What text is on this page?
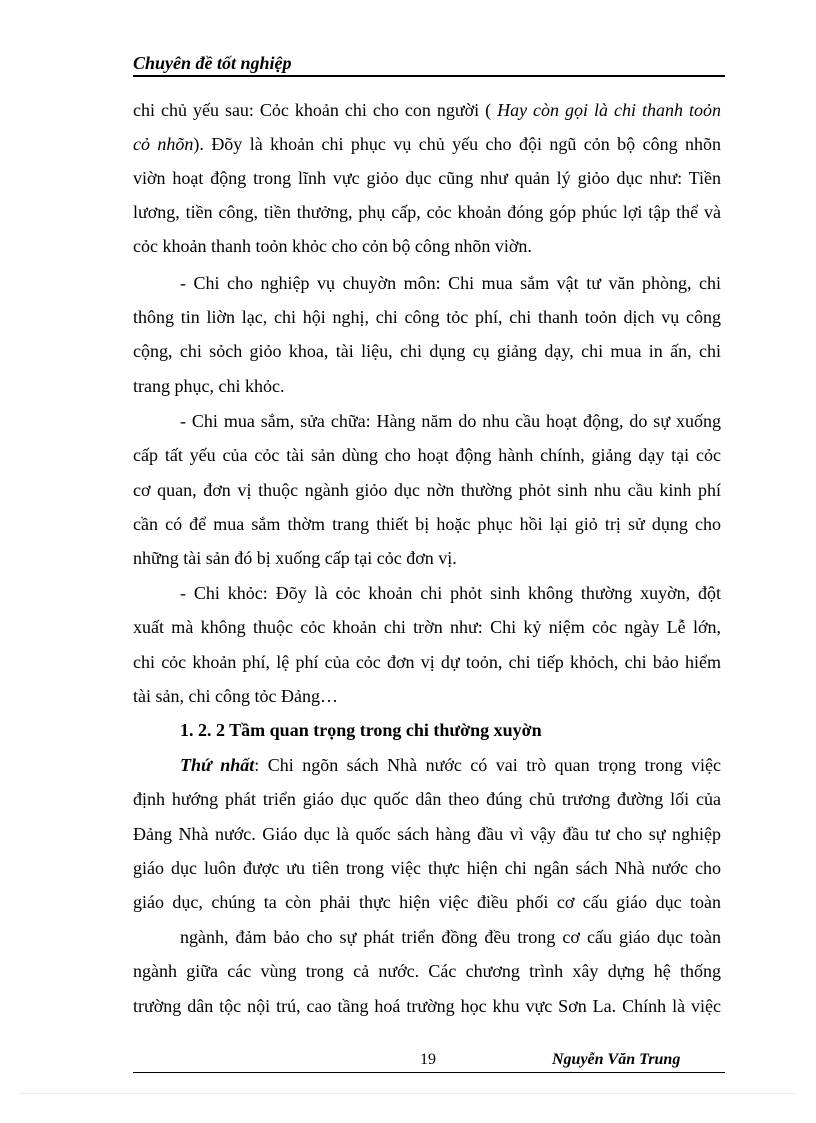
Chuyên đề tốt nghiệp
chi chủ yếu sau: Cỏc khoản chi cho con người ( Hay còn gọi là chi thanh toỏn
cỏ nhõn). Đõy là khoản chi phục vụ chủ yếu cho đội ngũ cỏn bộ công nhõn
viờn hoạt động trong lĩnh vực giỏo dục cũng như quản lý giỏo dục như: Tiền
lương, tiền công, tiền thưởng, phụ cấp, cỏc khoản đóng góp phúc lợi tập thể và
cỏc khoản thanh toỏn khỏc cho cỏn bộ công nhõn viờn.
- Chi cho nghiệp vụ chuyờn môn: Chi mua sắm vật tư văn phòng, chi
thông tin liờn lạc, chi hội nghị, chi công tỏc phí, chi thanh toỏn dịch vụ công
cộng, chi sỏch giỏo khoa, tài liệu, chi dụng cụ giảng dạy, chi mua in ấn, chi
trang phục, chi khỏc.
- Chi mua sắm, sửa chữa: Hàng năm do nhu cầu hoạt động, do sự xuống
cấp tất yếu của cỏc tài sản dùng cho hoạt động hành chính, giảng dạy tại cỏc
cơ quan, đơn vị thuộc ngành giỏo dục nờn thường phỏt sinh nhu cầu kinh phí
cần có để mua sắm thờm trang thiết bị hoặc phục hồi lại giỏ trị sử dụng cho
những tài sản đó bị xuống cấp tại cỏc đơn vị.
- Chi khỏc: Đõy là cỏc khoản chi phỏt sinh không thường xuyờn, đột
xuất mà không thuộc cỏc khoản chi trờn như: Chi kỷ niệm cỏc ngày Lễ lớn,
chi cỏc khoản phí, lệ phí của cỏc đơn vị dự toỏn, chi tiếp khỏch, chi bảo hiểm
tài sản, chi công tỏc Đảng…
1. 2. 2 Tầm quan trọng trong chi thường xuyờn
Thứ nhất: Chi ngõn sách Nhà nước có vai trò quan trọng trong việc
định hướng phát triển giáo dục quốc dân theo đúng chủ trương đường lối của
Đảng Nhà nước. Giáo dục là quốc sách hàng đầu vì vậy đầu tư cho sự nghiệp
giáo dục luôn được ưu tiên trong việc thực hiện chi ngân sách Nhà nước cho
giáo dục, chúng ta còn phải thực hiện việc điều phối cơ cấu giáo dục toàn
ngành, đảm bảo cho sự phát triển đồng đều trong cơ cấu giáo dục toàn
ngành giữa các vùng trong cả nước. Các chương trình xây dựng hệ thống
trường dân tộc nội trú, cao tầng hoá trường học khu vực Sơn La. Chính là việc
19	Nguyễn Văn Trung
